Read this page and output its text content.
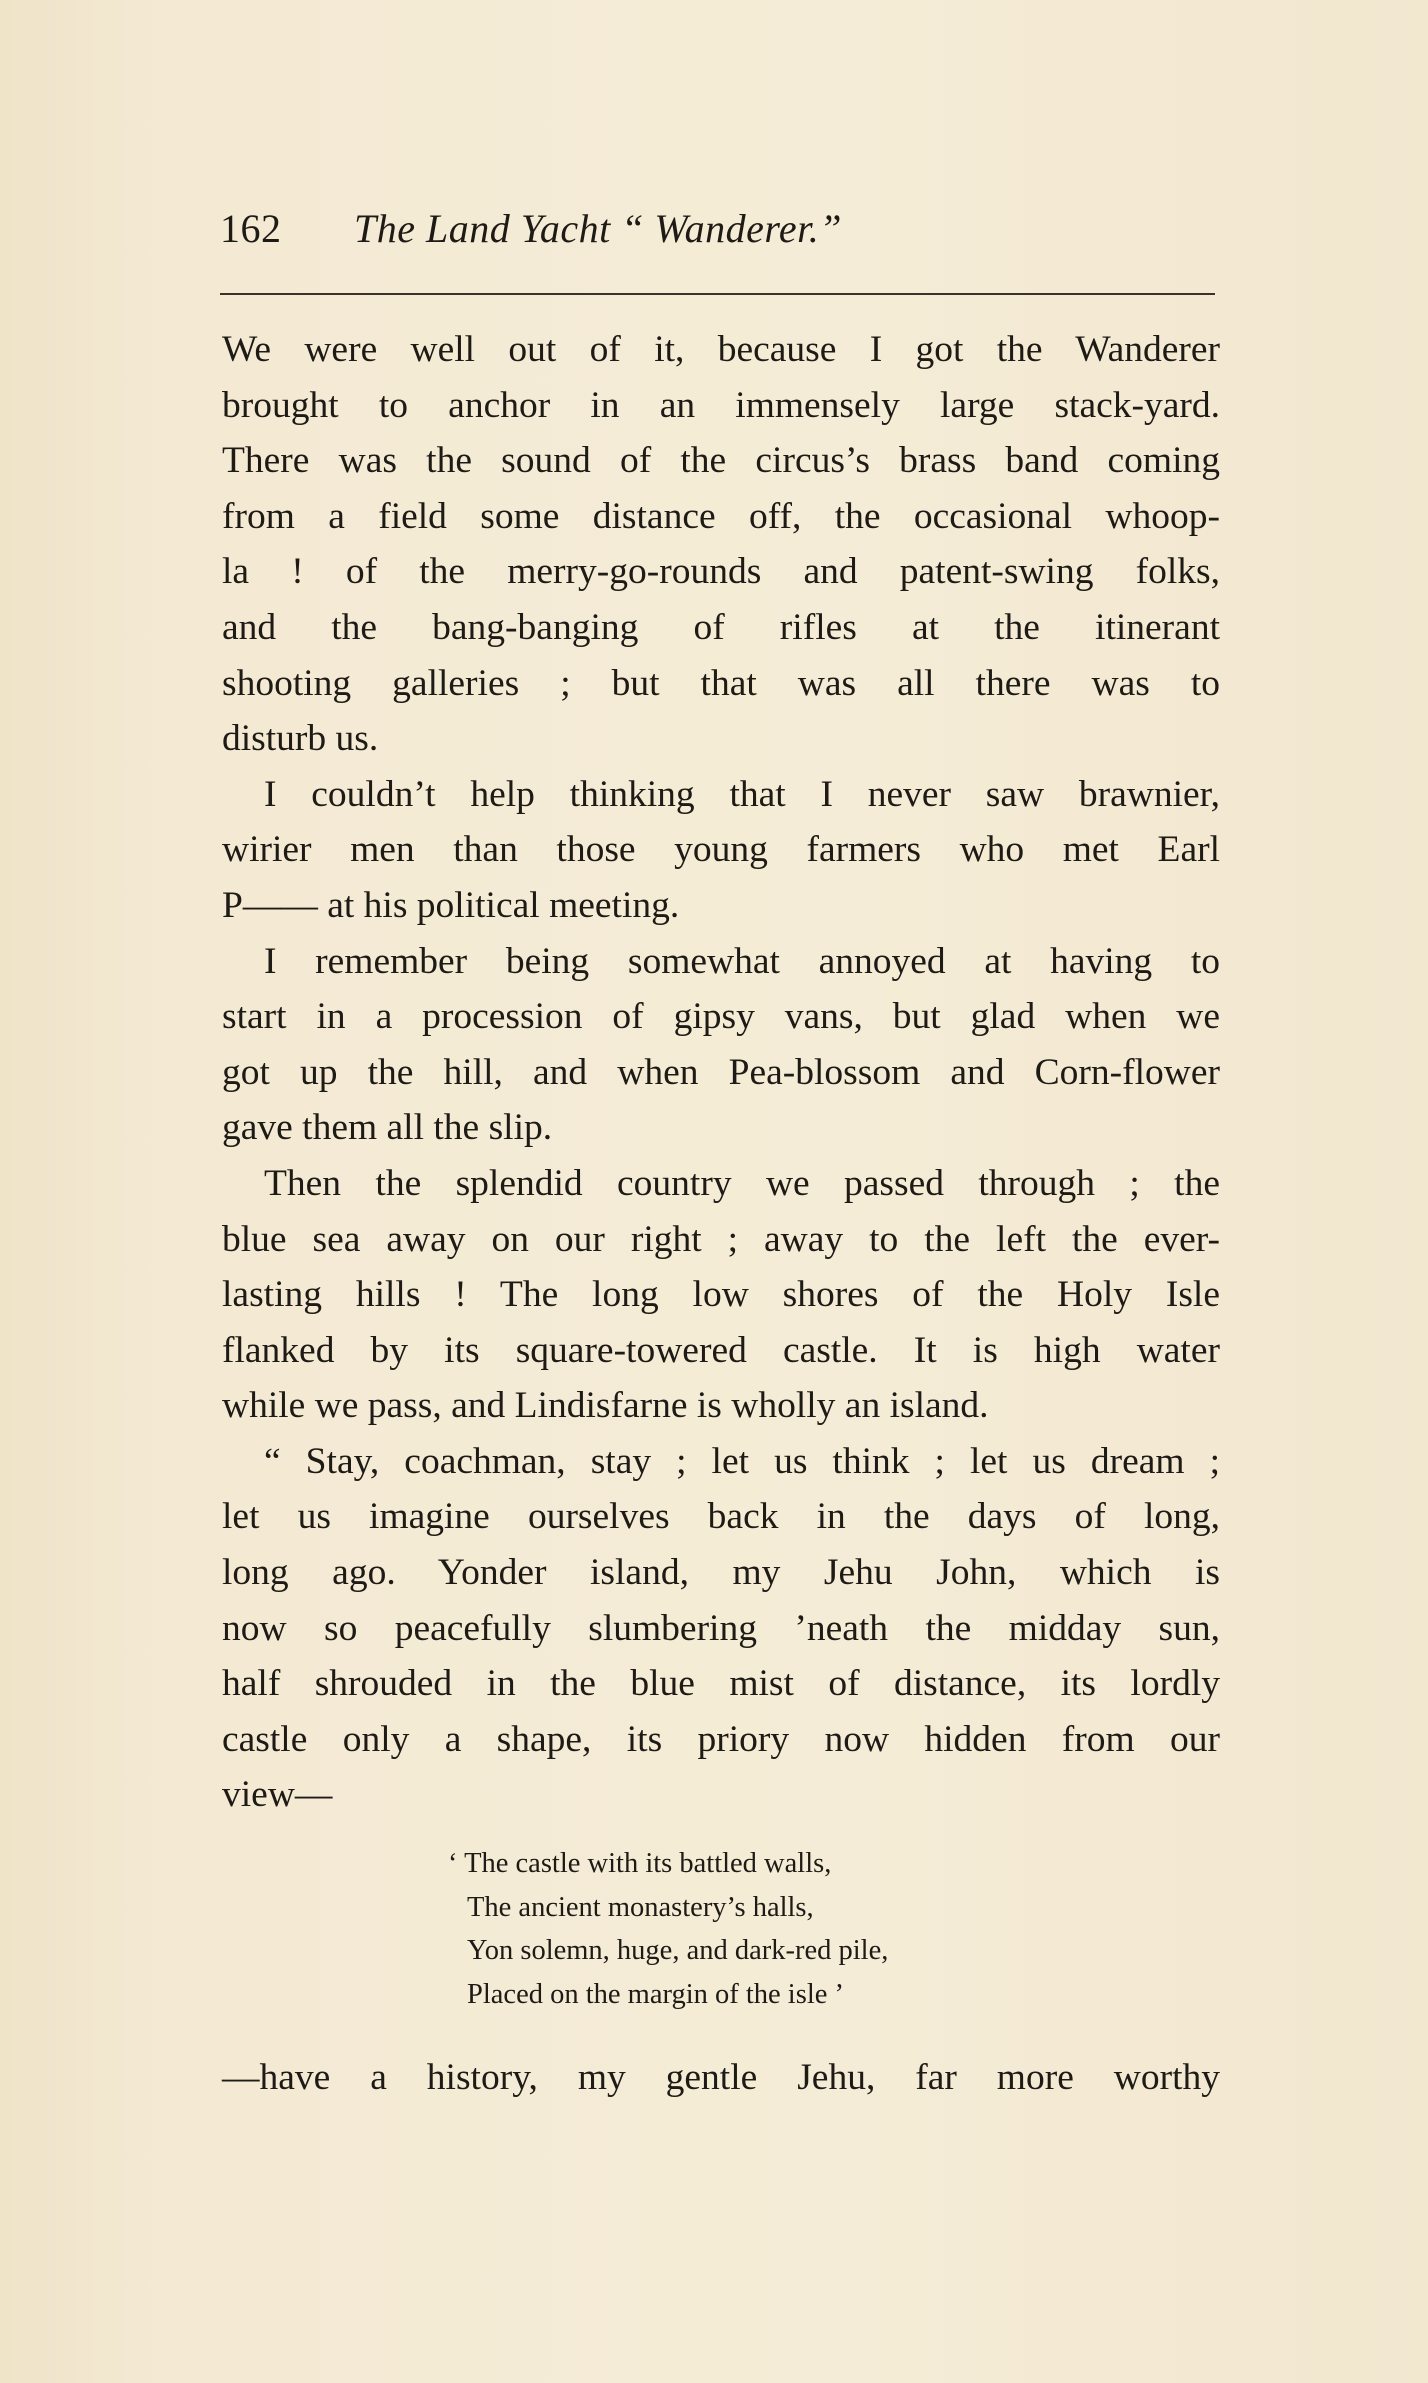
162 The Land Yacht “ Wanderer.”
We were well out of it, because I got the Wanderer
brought to anchor in an immensely large stack-yard.
There was the sound of the circus’s brass band coming
from a field some distance off, the occasional whoop-
la ! of the merry-go-rounds and patent-swing folks,
and the bang-banging of rifles at the itinerant
shooting galleries ; but that was all there was to
disturb us.
I couldn’t help thinking that I never saw brawnier,
wirier men than those young farmers who met Earl
P—— at his political meeting.
I remember being somewhat annoyed at having to
start in a procession of gipsy vans, but glad when we
got up the hill, and when Pea-blossom and Corn-flower
gave them all the slip.
Then the splendid country we passed through ; the
blue sea away on our right ; away to the left the ever-
lasting hills ! The long low shores of the Holy Isle
flanked by its square-towered castle. It is high water
while we pass, and Lindisfarne is wholly an island.
“ Stay, coachman, stay ; let us think ; let us dream ;
let us imagine ourselves back in the days of long,
long ago. Yonder island, my Jehu John, which is
now so peacefully slumbering ’neath the midday sun,
half shrouded in the blue mist of distance, its lordly
castle only a shape, its priory now hidden from our
view—
‘ The castle with its battled walls,
The ancient monastery’s halls,
Yon solemn, huge, and dark-red pile,
Placed on the margin of the isle ’
—have a history, my gentle Jehu, far more worthy
